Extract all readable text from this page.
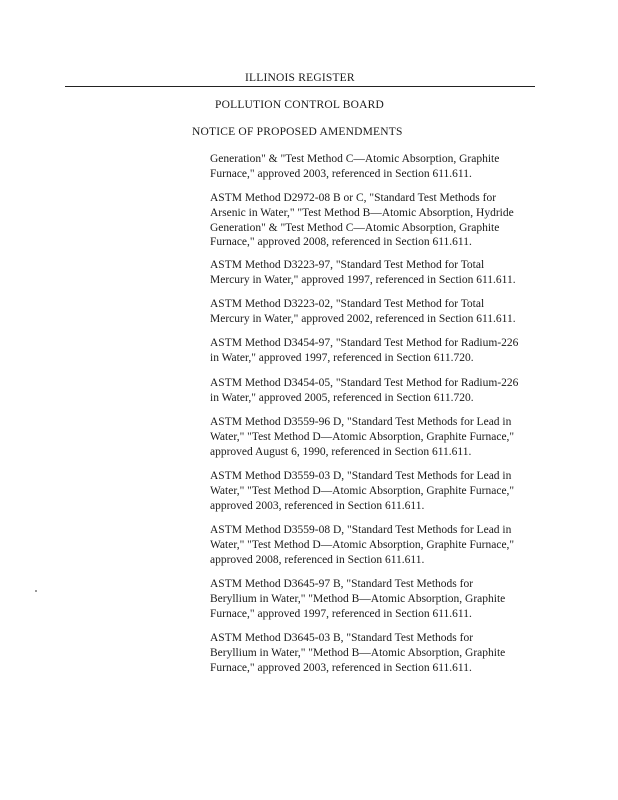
ILLINOIS REGISTER
POLLUTION CONTROL BOARD
NOTICE OF PROPOSED AMENDMENTS
Generation" & "Test Method C—Atomic Absorption, Graphite
Furnace," approved 2003, referenced in Section 611.611.
ASTM Method D2972-08 B or C, "Standard Test Methods for
Arsenic in Water," "Test Method B—Atomic Absorption, Hydride
Generation" & "Test Method C—Atomic Absorption, Graphite
Furnace," approved 2008, referenced in Section 611.611.
ASTM Method D3223-97, "Standard Test Method for Total
Mercury in Water," approved 1997, referenced in Section 611.611.
ASTM Method D3223-02, "Standard Test Method for Total
Mercury in Water," approved 2002, referenced in Section 611.611.
ASTM Method D3454-97, "Standard Test Method for Radium-226
in Water," approved 1997, referenced in Section 611.720.
ASTM Method D3454-05, "Standard Test Method for Radium-226
in Water," approved 2005, referenced in Section 611.720.
ASTM Method D3559-96 D, "Standard Test Methods for Lead in
Water," "Test Method D—Atomic Absorption, Graphite Furnace,"
approved August 6, 1990, referenced in Section 611.611.
ASTM Method D3559-03 D, "Standard Test Methods for Lead in
Water," "Test Method D—Atomic Absorption, Graphite Furnace,"
approved 2003, referenced in Section 611.611.
ASTM Method D3559-08 D, "Standard Test Methods for Lead in
Water," "Test Method D—Atomic Absorption, Graphite Furnace,"
approved 2008, referenced in Section 611.611.
ASTM Method D3645-97 B, "Standard Test Methods for
Beryllium in Water," "Method B—Atomic Absorption, Graphite
Furnace," approved 1997, referenced in Section 611.611.
ASTM Method D3645-03 B, "Standard Test Methods for
Beryllium in Water," "Method B—Atomic Absorption, Graphite
Furnace," approved 2003, referenced in Section 611.611.
